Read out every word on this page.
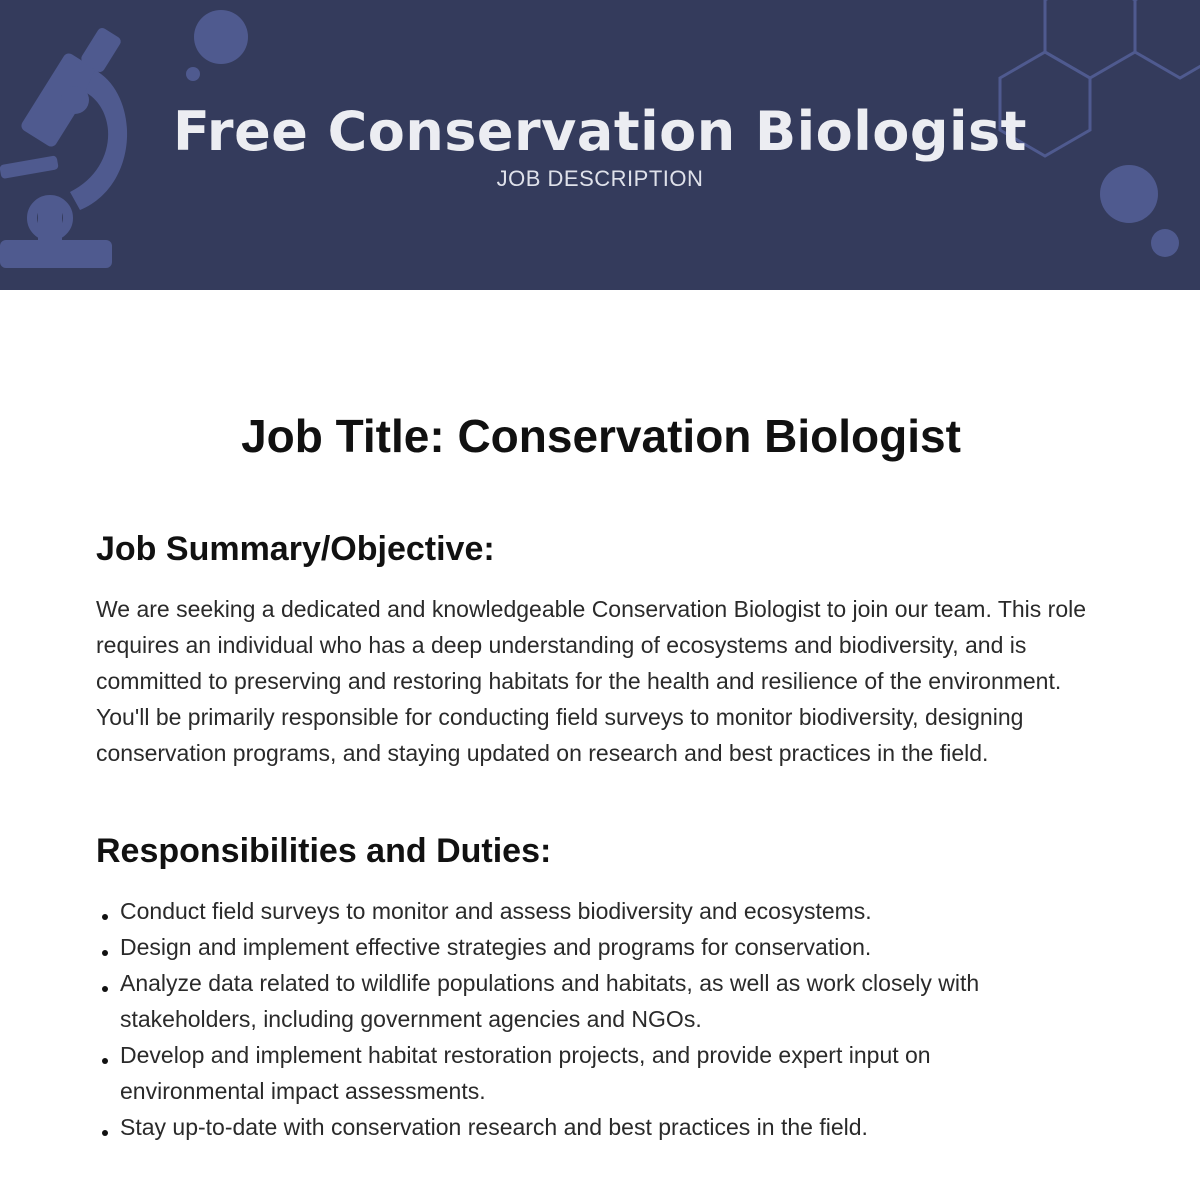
Free Conservation Biologist
JOB DESCRIPTION
Job Title: Conservation Biologist
Job Summary/Objective:

We are seeking a dedicated and knowledgeable Conservation Biologist to join our team. This role requires an individual who has a deep understanding of ecosystems and biodiversity, and is committed to preserving and restoring habitats for the health and resilience of the environment. You'll be primarily responsible for conducting field surveys to monitor biodiversity, designing conservation programs, and staying updated on research and best practices in the field.

Responsibilities and Duties:
Conduct field surveys to monitor and assess biodiversity and ecosystems.
Design and implement effective strategies and programs for conservation.
Analyze data related to wildlife populations and habitats, as well as work closely with stakeholders, including government agencies and NGOs.
Develop and implement habitat restoration projects, and provide expert input on environmental impact assessments.
Stay up-to-date with conservation research and best practices in the field.
